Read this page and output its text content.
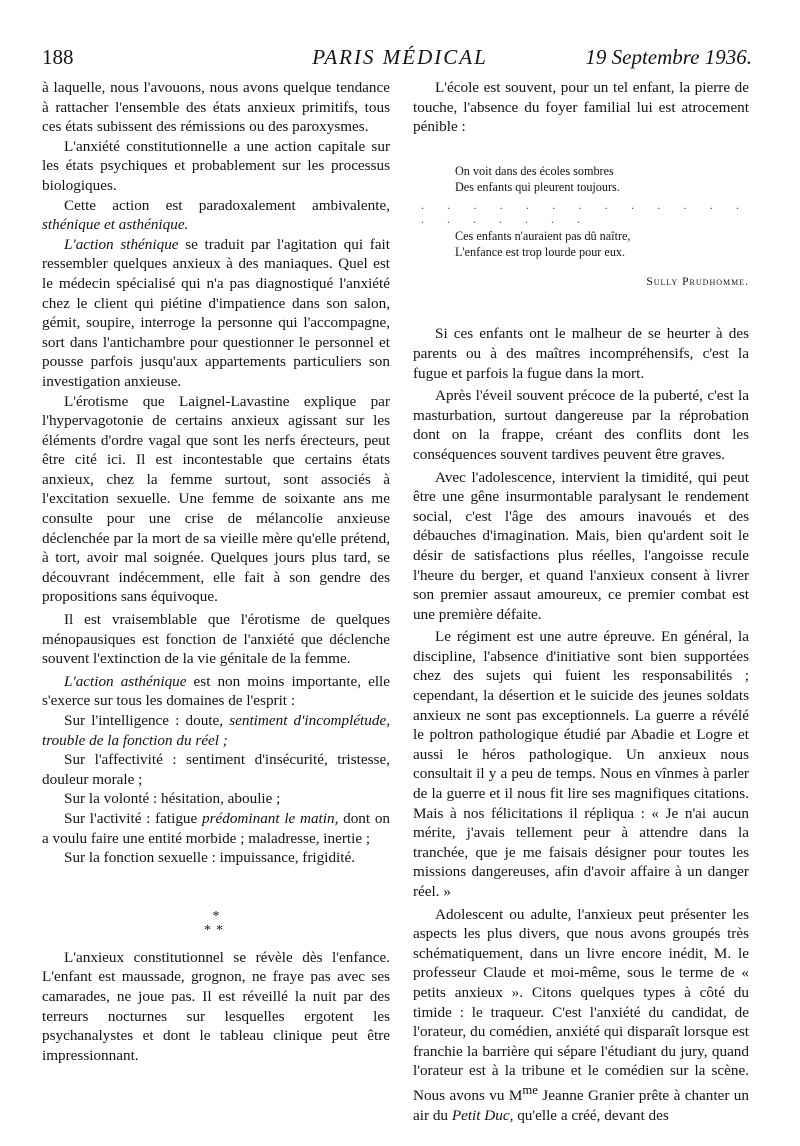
188	PARIS MÉDICAL	19 Septembre 1936.

à laquelle, nous l'avouons, nous avons quelque tendance à rattacher l'ensemble des états anxieux primitifs, tous ces états subissent des rémissions ou des paroxysmes.

L'anxiété constitutionnelle a une action capitale sur les états psychiques et probablement sur les processus biologiques.

Cette action est paradoxalement ambivalente, sthénique et asthénique.

L'action sthénique se traduit par l'agitation qui fait ressembler quelques anxieux à des maniaques. Quel est le médecin spécialisé qui n'a pas diagnostiqué l'anxiété chez le client qui piétine d'impatience dans son salon, gémit, soupire, interroge la personne qui l'accompagne, sort dans l'antichambre pour questionner le personnel et pousse parfois jusqu'aux appartements particuliers son investigation anxieuse.

L'érotisme que Laignel-Lavastine explique par l'hypervagotonie de certains anxieux agissant sur les éléments d'ordre vagal que sont les nerfs érecteurs, peut être cité ici. Il est incontestable que certains états anxieux, chez la femme surtout, sont associés à l'excitation sexuelle. Une femme de soixante ans me consulte pour une crise de mélancolie anxieuse déclenchée par la mort de sa vieille mère qu'elle prétend, à tort, avoir mal soignée. Quelques jours plus tard, se découvrant indécemment, elle fait à son gendre des propositions sans équivoque.

Il est vraisemblable que l'érotisme de quelques ménopausiques est fonction de l'anxiété que déclenche souvent l'extinction de la vie génitale de la femme.

L'action asthénique est non moins importante, elle s'exerce sur tous les domaines de l'esprit :

Sur l'intelligence : doute, sentiment d'incomplétude, trouble de la fonction du réel ;

Sur l'affectivité : sentiment d'insécurité, tristesse, douleur morale ;

Sur la volonté : hésitation, aboulie ;

Sur l'activité : fatigue prédominant le matin, dont on a voulu faire une entité morbide ; maladresse, inertie ;

Sur la fonction sexuelle : impuissance, frigidité.

*
**

L'anxieux constitutionnel se révèle dès l'enfance. L'enfant est maussade, grognon, ne fraye pas avec ses camarades, ne joue pas. Il est réveillé la nuit par des terreurs nocturnes sur lesquelles ergotent les psychanalystes et dont le tableau clinique peut être impressionnant.

L'école est souvent, pour un tel enfant, la pierre de touche, l'absence du foyer familial lui est atrocement pénible :

On voit dans des écoles sombres
Des enfants qui pleurent toujours.
. . . . . . . . . . . . . . . . . . . .
Ces enfants n'auraient pas dû naître,
L'enfance est trop lourde pour eux.
Sully Prudhomme.

Si ces enfants ont le malheur de se heurter à des parents ou à des maîtres incompréhensifs, c'est la fugue et parfois la fugue dans la mort.

Après l'éveil souvent précoce de la puberté, c'est la masturbation, surtout dangereuse par la réprobation dont on la frappe, créant des conflits dont les conséquences souvent tardives peuvent être graves.

Avec l'adolescence, intervient la timidité, qui peut être une gêne insurmontable paralysant le rendement social, c'est l'âge des amours inavoués et des débauches d'imagination. Mais, bien qu'ardent soit le désir de satisfactions plus réelles, l'angoisse recule l'heure du berger, et quand l'anxieux consent à livrer son premier assaut amoureux, ce premier combat est une première défaite.

Le régiment est une autre épreuve. En général, la discipline, l'absence d'initiative sont bien supportées chez des sujets qui fuient les responsabilités ; cependant, la désertion et le suicide des jeunes soldats anxieux ne sont pas exceptionnels. La guerre a révélé le poltron pathologique étudié par Abadie et Logre et aussi le héros pathologique. Un anxieux nous consultait il y a peu de temps. Nous en vînmes à parler de la guerre et il nous fit lire ses magnifiques citations. Mais à nos félicitations il répliqua : « Je n'ai aucun mérite, j'avais tellement peur à attendre dans la tranchée, que je me faisais désigner pour toutes les missions dangereuses, afin d'avoir affaire à un danger réel. »

Adolescent ou adulte, l'anxieux peut présenter les aspects les plus divers, que nous avons groupés très schématiquement, dans un livre encore inédit, M. le professeur Claude et moi-même, sous le terme de « petits anxieux ». Citons quelques types à côté du timide : le traqueur. C'est l'anxiété du candidat, de l'orateur, du comédien, anxiété qui disparaît lorsque est franchie la barrière qui sépare l'étudiant du jury, quand l'orateur est à la tribune et le comédien sur la scène. Nous avons vu $M^{me}$ Jeanne Granier prête à chanter un air du Petit Duc, qu'elle a créé, devant des
